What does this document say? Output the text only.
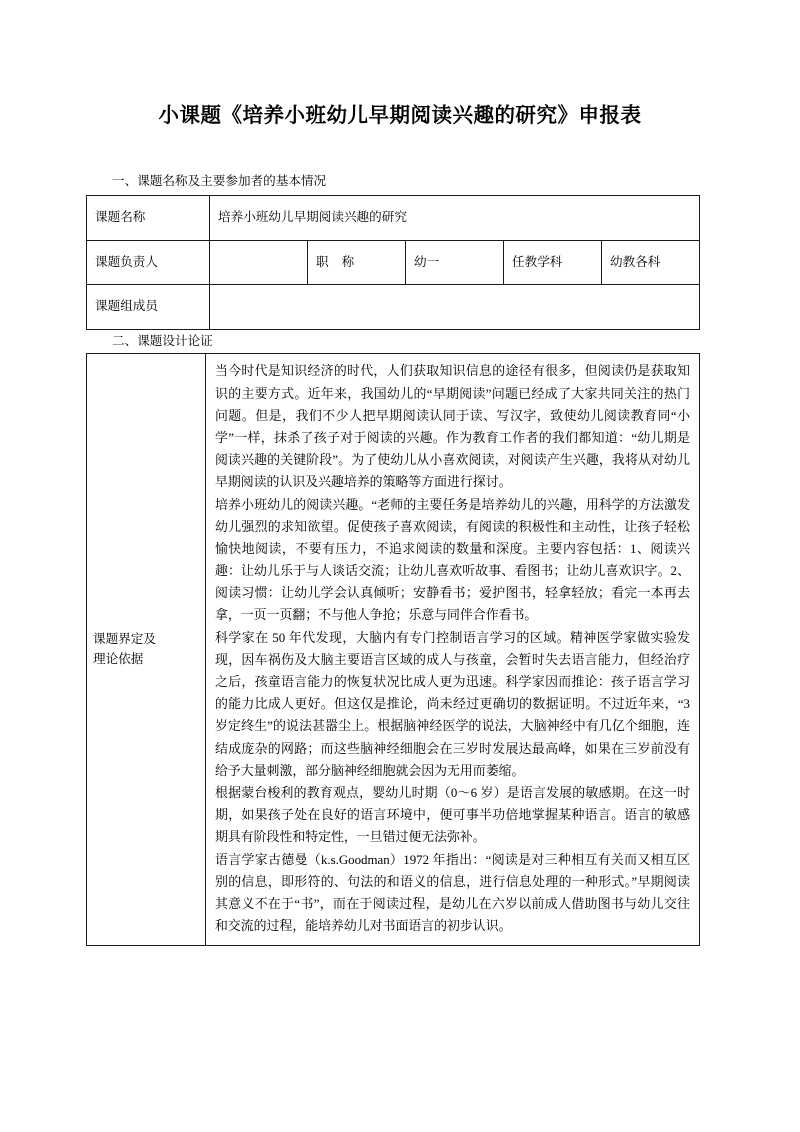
小课题《培养小班幼儿早期阅读兴趣的研究》申报表
一、课题名称及主要参加者的基本情况
课题名称	培养小班幼儿早期阅读兴趣的研究				
课题负责人		职 称	幼一	任教学科	幼教各科
课题组成员					
二、课题设计论证
课题界定及
理论依据

当今时代是知识经济的时代，人们获取知识信息的途径有很多，但阅读仍是获取知识的主要方式。近年来，我国幼儿的“早期阅读”问题已经成了大家共同关注的热门问题。但是，我们不少人把早期阅读认同于读、写汉字，致使幼儿阅读教育同“小学”一样，抹杀了孩子对于阅读的兴趣。作为教育工作者的我们都知道：“幼儿期是阅读兴趣的关键阶段”。为了使幼儿从小喜欢阅读，对阅读产生兴趣，我将从对幼儿早期阅读的认识及兴趣培养的策略等方面进行探讨。

培养小班幼儿的阅读兴趣。“老师的主要任务是培养幼儿的兴趣，用科学的方法激发幼儿强烈的求知欲望。促使孩子喜欢阅读，有阅读的积极性和主动性，让孩子轻松愉快地阅读，不要有压力，不追求阅读的数量和深度。主要内容包括：1、阅读兴趣：让幼儿乐于与人谈话交流；让幼儿喜欢听故事、看图书；让幼儿喜欢识字。2、阅读习惯：让幼儿学会认真倾听；安静看书；爱护图书，轻拿轻放；看完一本再去拿，一页一页翻；不与他人争抢；乐意与同伴合作看书。

科学家在 50 年代发现，大脑内有专门控制语言学习的区域。精神医学家做实验发现，因车祸伤及大脑主要语言区域的成人与孩童，会暂时失去语言能力，但经治疗之后，孩童语言能力的恢复状况比成人更为迅速。科学家因而推论：孩子语言学习的能力比成人更好。但这仅是推论，尚未经过更确切的数据证明。不过近年来，“3 岁定终生”的说法甚嚣尘上。根据脑神经医学的说法，大脑神经中有几亿个细胞，连结成庞杂的网路；而这些脑神经细胞会在三岁时发展达最高峰，如果在三岁前没有给予大量刺激，部分脑神经细胞就会因为无用而萎缩。

根据蒙台梭利的教育观点，婴幼儿时期（0～6 岁）是语言发展的敏感期。在这一时期，如果孩子处在良好的语言环境中，便可事半功倍地掌握某种语言。语言的敏感期具有阶段性和特定性，一旦错过便无法弥补。

语言学家古德曼（k.s.Goodman）1972 年指出：“阅读是对三种相互有关而又相互区别的信息，即形符的、句法的和语义的信息，进行信息处理的一种形式。”早期阅读其意义不在于“书”，而在于阅读过程，是幼儿在六岁以前成人借助图书与幼儿交往和交流的过程，能培养幼儿对书面语言的初步认识。
